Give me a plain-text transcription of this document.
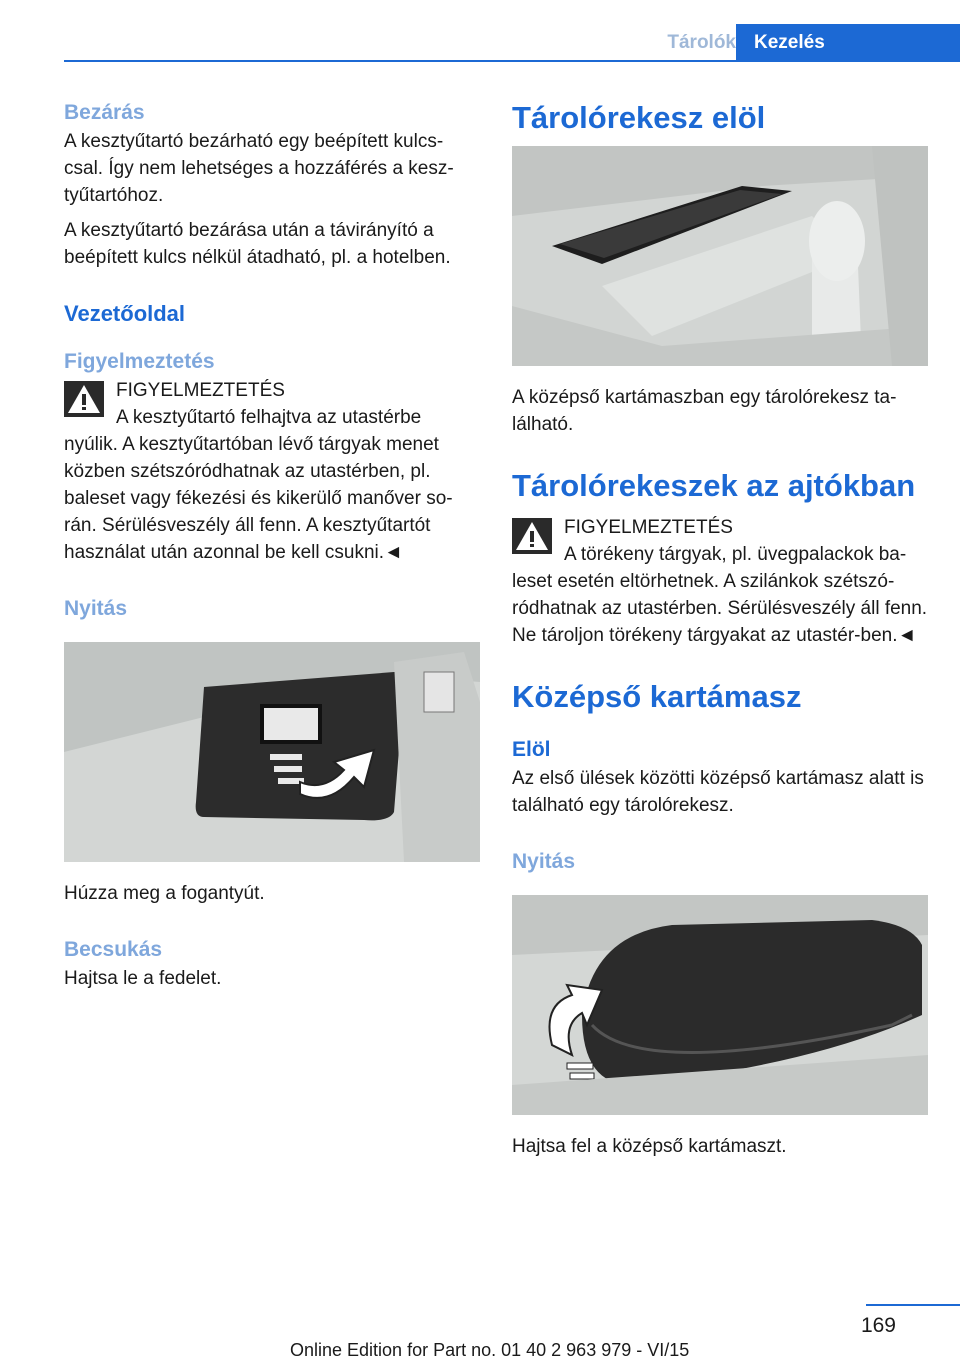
Tárolók Kezelés
Bezárás

A kesztyűtartó bezárható egy beépített kulcs-csal. Így nem lehetséges a hozzáférés a kesz-tyűtartóhoz.

A kesztyűtartó bezárása után a távirányító a beépített kulcs nélkül átadható, pl. a hotelben.

Vezetőoldal
Figyelmeztetés

FIGYELMEZTETÉS

A kesztyűtartó felhajtva az utastérbe

nyúlik. A kesztyűtartóban lévő tárgyak menet közben szétszóródhatnak az utastérben, pl. baleset vagy fékezési és kikerülő manőver so-rán. Sérülésveszély áll fenn. A kesztyűtartót használat után azonnal be kell csukni.◄

Nyitás

Húzza meg a fogantyút.

Becsukás

Hajtsa le a fedelet.

Tárolórekesz elöl

A középső kartámaszban egy tárolórekesz ta-lálható.

Tárolórekeszek az ajtókban

FIGYELMEZTETÉS

A törékeny tárgyak, pl. üvegpalackok ba-

leset esetén eltörhetnek. A szilánkok szétszó-ródhatnak az utastérben. Sérülésveszély áll fenn. Ne tároljon törékeny tárgyakat az utastér-ben.◄

Középső kartámasz
Elöl

Az első ülések közötti középső kartámasz alatt is található egy tárolórekesz.

Nyitás

Hajtsa fel a középső kartámaszt.

169
Online Edition for Part no. 01 40 2 963 979 - VI/15
